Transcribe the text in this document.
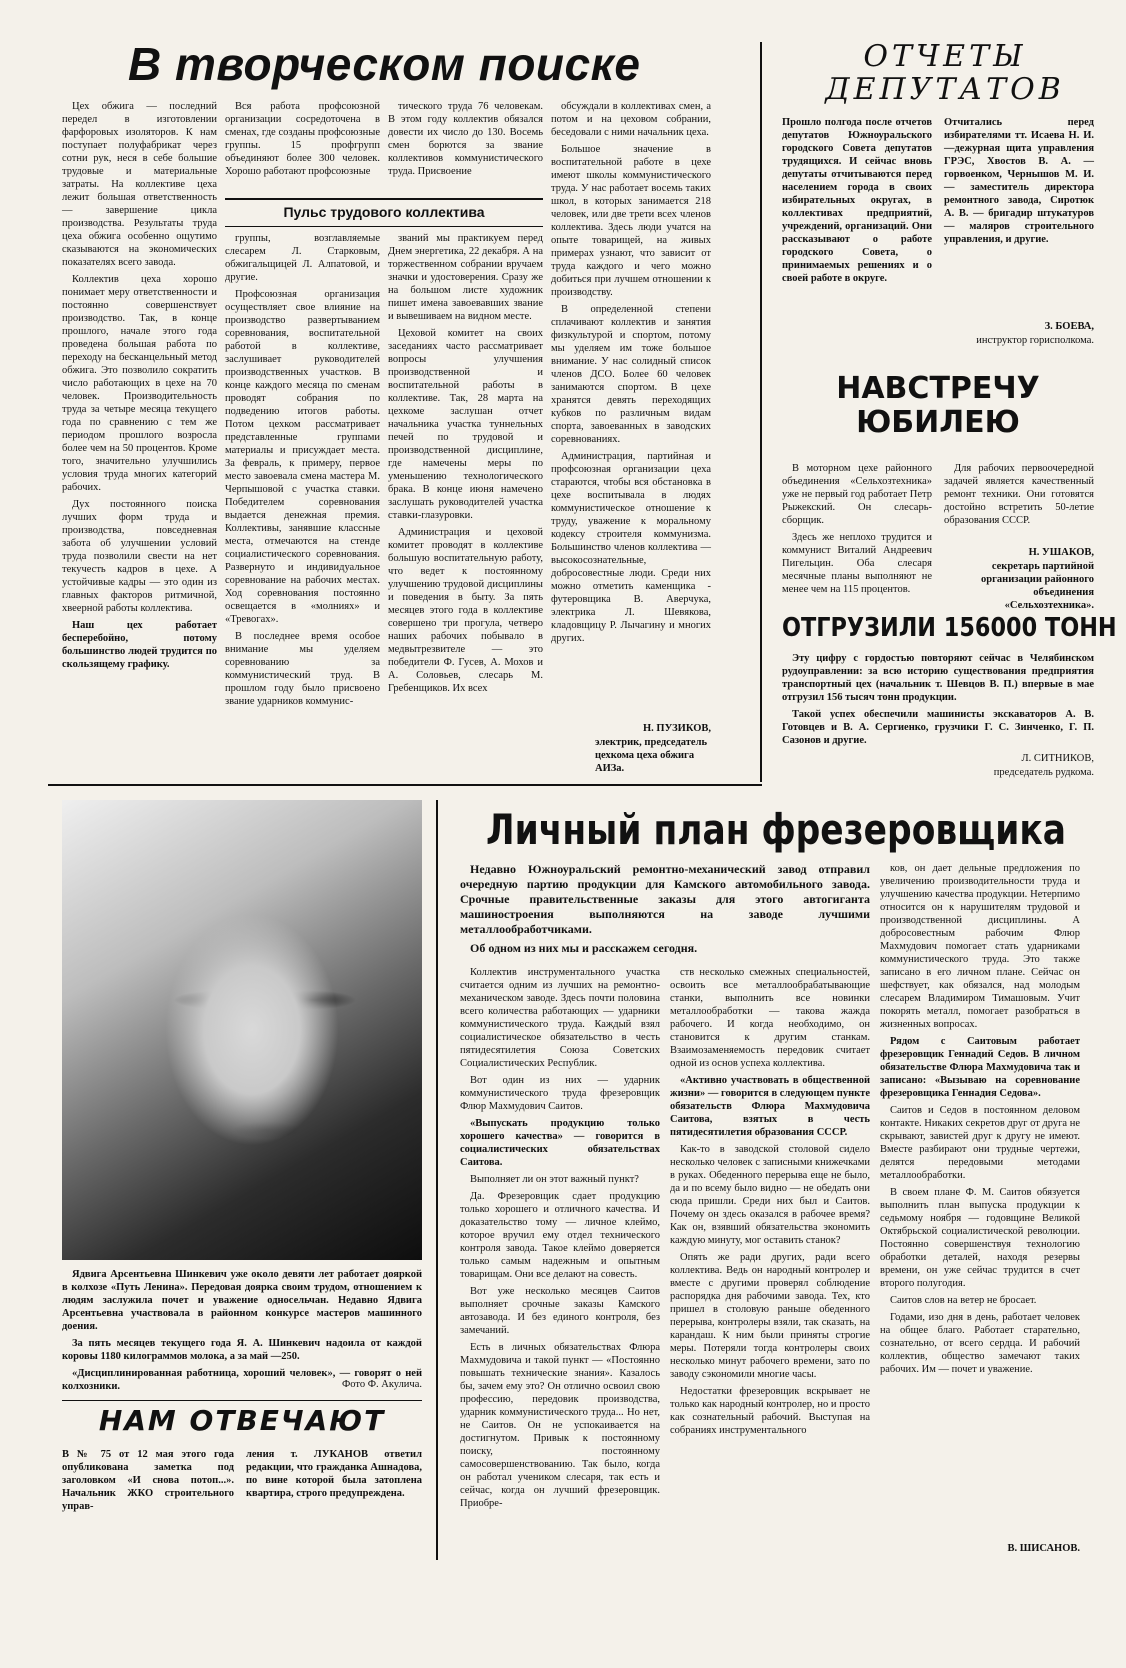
В творческом поиске

Цех обжига — последний передел в изготовлении фарфоровых изоляторов. К нам поступает полуфабрикат через сотни рук, неся в себе большие трудовые и материальные затраты. На коллективе цеха лежит большая ответственность — завершение цикла производства. Результаты труда цеха обжига особенно ощутимо сказываются на экономических показателях всего завода.

Коллектив цеха хорошо понимает меру ответственности и постоянно совершенствует производство. Так, в конце прошлого, начале этого года проведена большая работа по переходу на бесканцельный метод обжига. Это позволило сократить число работающих в цехе на 70 человек. Производительность труда за четыре месяца текущего года по сравнению с тем же периодом прошлого возросла более чем на 50 процентов. Кроме того, значительно улучшились условия труда многих категорий рабочих.

Дух постоянного поиска лучших форм труда и производства, повседневная забота об улучшении условий труда позволили свести на нет текучесть кадров в цехе. А устойчивые кадры — это один из главных факторов ритмичной, хвеерной работы коллектива.

Наш цех работает бесперебойно, потому большинство людей трудится по скользящему графику.

Вся работа профсоюзной организации сосредоточена в сменах, где созданы профсоюзные группы. 15 профгрупп объединяют более 300 человек. Хорошо работают профсоюзные

тического труда 76 человекам. В этом году коллектив обязался довести их число до 130. Восемь смен борются за звание коллективов коммунистического труда. Присвоение

Пульс трудового коллектива

группы, возглавляемые слесарем Л. Старковым, обжигальщицей Л. Алпатовой, и другие.

Профсоюзная организация осуществляет свое влияние на производство развертыванием соревнования, воспитательной работой в коллективе, заслушивает руководителей производственных участков. В конце каждого месяца по сменам проводят собрания по подведению итогов работы. Потом цехком рассматривает представленные группами материалы и присуждает места. За февраль, к примеру, первое место завоевала смена мастера М. Черпышовой с участка ставки. Победителем соревнования выдается денежная премия. Коллективы, занявшие классные места, отмечаются на стенде социалистического соревнования. Развернуто и индивидуальное соревнование на рабочих местах. Ход соревнования постоянно освещается в «молниях» и «Тревогах».

В последнее время особое внимание мы уделяем соревнованию за коммунистический труд. В прошлом году было присвоено звание ударников коммунис-

званий мы практикуем перед Днем энергетика, 22 декабря. А на торжественном собрании вручаем значки и удостоверения. Сразу же на большом листе художник пишет имена завоевавших звание и вывешиваем на видном месте.

Цеховой комитет на своих заседаниях часто рассматривает вопросы улучшения производственной и воспитательной работы в коллективе. Так, 28 марта на цехкоме заслушан отчет начальника участка туннельных печей по трудовой и производственной дисциплине, где намечены меры по уменьшению технологического брака. В конце июня намечено заслушать руководителей участка ставки-глазуровки.

Администрация и цеховой комитет проводят в коллективе большую воспитательную работу, что ведет к постоянному улучшению трудовой дисциплины и поведения в быту. За пять месяцев этого года в коллективе совершено три прогула, четверо наших рабочих побывало в медвытрезвителе — это победители Ф. Гусев, А. Мохов и А. Соловьев, слесарь М. Гребенщиков. Их всех

обсуждали в коллективах смен, а потом и на цеховом собрании, беседовали с ними начальник цеха.

Большое значение в воспитательной работе в цехе имеют школы коммунистического труда. У нас работает восемь таких школ, в которых занимается 218 человек, или две трети всех членов коллектива. Здесь люди учатся на опыте товарищей, на живых примерах узнают, что зависит от труда каждого и чего можно добиться при лучшем отношении к производству.

В определенной степени сплачивают коллектив и занятия физкультурой и спортом, потому мы уделяем им тоже большое внимание. У нас солидный список членов ДСО. Более 60 человек занимаются спортом. В цехе хранятся девять переходящих кубков по различным видам спорта, завоеванных в заводских соревнованиях.

Администрация, партийная и профсоюзная организации цеха стараются, чтобы вся обстановка в цехе воспитывала в людях коммунистическое отношение к труду, уважение к моральному кодексу строителя коммунизма. Большинство членов коллектива — высокосознательные, добросовестные люди. Среди них можно отметить каменщика - футеровщика В. Аверчука, электрика Л. Шевякова, кладовщицу Р. Лычагину и многих других.

Н. ПУЗИКОВ,
электрик, председатель цехкома цеха обжига АИЗа.
ОТЧЕТЫ
ДЕПУТАТОВ
Прошло полгода после отчетов депутатов Южноуральского городского Совета депутатов трудящихся. И сейчас вновь депутаты отчитываются перед населением города в своих избирательных округах, в коллективах предприятий, учреждений, организаций. Они рассказывают о работе городского Совета, о принимаемых решениях и о своей работе в округе.
Отчитались перед избирателями тт. Исаева Н. И. —дежурная щита управления ГРЭС, Хвостов В. А. — горвоенком, Чернышов М. И. — заместитель директора ремонтного завода, Сиротюк А. В. — бригадир штукатуров — маляров строительного управления, и другие.
З. БОЕВА,
инструктор горисполкома.
НАВСТРЕЧУ
ЮБИЛЕЮ

В моторном цехе районного объединения «Сельхозтехника» уже не первый год работает Петр Рыжекский. Он слесарь-сборщик.

Здесь же неплохо трудится и коммунист Виталий Андреевич Пигельцин. Оба слесаря месячные планы выполняют не менее чем на 115 процентов.

Для рабочих первоочередной задачей является качественный ремонт техники. Они готовятся достойно встретить 50-летие образования СССР.

Н. УШАКОВ,
секретарь партийной организации районного объединения «Сельхозтехника».
ОТГРУЗИЛИ 156000 ТОНН

Эту цифру с гордостью повторяют сейчас в Челябинском рудоуправлении: за всю историю существования предприятия транспортный цех (начальник т. Шевцов В. П.) впервые в мае отгрузил 156 тысяч тонн продукции.

Такой успех обеспечили машинисты экскаваторов А. В. Готовцев и В. А. Сергиенко, грузчики Г. С. Зинченко, Г. П. Сазонов и другие.

Л. СИТНИКОВ,
председатель рудкома.

Ядвига Арсентьевна Шинкевич уже около девяти лет работает дояркой в колхозе «Путь Ленина». Передовая доярка своим трудом, отношением к людям заслужила почет и уважение односельчан. Недавно Ядвига Арсентьевна участвовала в районном конкурсе мастеров машинного доения.

За пять месяцев текущего года Я. А. Шинкевич надоила от каждой коровы 1180 килограммов молока, а за май —250.

«Дисциплинированная работница, хороший человек», — говорят о ней колхозники.	Фото Ф. Акулича.
НАМ ОТВЕЧАЮТ
В № 75 от 12 мая этого года опубликована заметка под заголовком «И снова потоп...». Начальник ЖКО строительного управ-
ления т. ЛУКАНОВ ответил редакции, что гражданка Ашнадова, по вине которой была затоплена квартира, строго предупреждена.
Личный план фрезеровщика

Недавно Южноуральский ремонтно-механический завод отправил очередную партию продукции для Камского автомобильного завода. Срочные правительственные заказы для этого автогиганта машиностроения выполняются на заводе лучшими металлообработчиками.

Об одном из них мы и расскажем сегодня.

Коллектив инструментального участка считается одним из лучших на ремонтно-механическом заводе. Здесь почти половина всего количества работающих — ударники коммунистического труда. Каждый взял социалистическое обязательство в честь пятидесятилетия Союза Советских Социалистических Республик.

Вот один из них — ударник коммунистического труда фрезеровщик Флюр Махмудович Саитов.

«Выпускать продукцию только хорошего качества» — говорится в социалистических обязательствах Саитова.

Выполняет ли он этот важный пункт?

Да. Фрезеровщик сдает продукцию только хорошего и отличного качества. И доказательство тому — личное клеймо, которое вручил ему отдел технического контроля завода. Такое клеймо доверяется только самым надежным и опытным товарищам. Они все делают на совесть.

Вот уже несколько месяцев Саитов выполняет срочные заказы Камского автозавода. И без единого контроля, без замечаний.

Есть в личных обязательствах Флюра Махмудовича и такой пункт — «Постоянно повышать технические знания». Казалось бы, зачем ему это? Он отлично освоил свою профессию, передовик производства, ударник коммунистического труда... Но нет, не Саитов. Он не успокаивается на достигнутом. Привык к постоянному поиску, постоянному самосовершенствованию. Так было, когда он работал учеником слесаря, так есть и сейчас, когда он лучший фрезеровщик. Приобре-

ств несколько смежных специальностей, освоить все металлообрабатывающие станки, выполнить все новинки металлообработки — такова жажда рабочего. И когда необходимо, он становится к другим станкам. Взаимозаменяемость передовик считает одной из основ успеха коллектива.

«Активно участвовать в общественной жизни» — говорится в следующем пункте обязательств Флюра Махмудовича Саитова, взятых в честь пятидесятилетия образования СССР.

Как-то в заводской столовой сидело несколько человек с записными книжечками в руках. Обеденного перерыва еще не было, да и по всему было видно — не обедать они сюда пришли. Среди них был и Саитов. Почему он здесь оказался в рабочее время? Как он, взявший обязательства экономить каждую минуту, мог оставить станок?

Опять же ради других, ради всего коллектива. Ведь он народный контролер и вместе с другими проверял соблюдение распорядка дня рабочими завода. Тех, кто пришел в столовую раньше обеденного перерыва, контролеры взяли, так сказать, на карандаш. К ним были приняты строгие меры. Потеряли тогда контролеры своих несколько минут рабочего времени, зато по заводу сэкономили многие часы.

Недостатки фрезеровщик вскрывает не только как народный контролер, но и просто как сознательный рабочий. Выступая на собраниях инструментального

ков, он дает дельные предложения по увеличению производительности труда и улучшению качества продукции. Нетерпимо относится он к нарушителям трудовой и производственной дисциплины. А добросовестным рабочим Флюр Махмудович помогает стать ударниками коммунистического труда. Это также записано в его личном плане. Сейчас он шефствует, как обязался, над молодым слесарем Владимиром Тимашовым. Учит покорять металл, помогает разобраться в жизненных вопросах.

Рядом с Саитовым работает фрезеровщик Геннадий Седов. В личном обязательстве Флюра Махмудовича так и записано: «Вызываю на соревнование фрезеровщика Геннадия Седова».

Саитов и Седов в постоянном деловом контакте. Никаких секретов друг от друга не скрывают, завистей друг к другу не имеют. Вместе разбирают они трудные чертежи, делятся передовыми методами металлообработки.

В своем плане Ф. М. Саитов обязуется выполнить план выпуска продукции к седьмому ноября — годовщине Великой Октябрьской социалистической революции. Постоянно совершенствуя технологию обработки деталей, находя резервы времени, он уже сейчас трудится в счет второго полугодия.

Саитов слов на ветер не бросает.

Годами, изо дня в день, работает человек на общее благо. Работает старательно, сознательно, от всего сердца. И рабочий коллектив, общество замечают таких рабочих. Им — почет и уважение.

В. ШИСАНОВ.
